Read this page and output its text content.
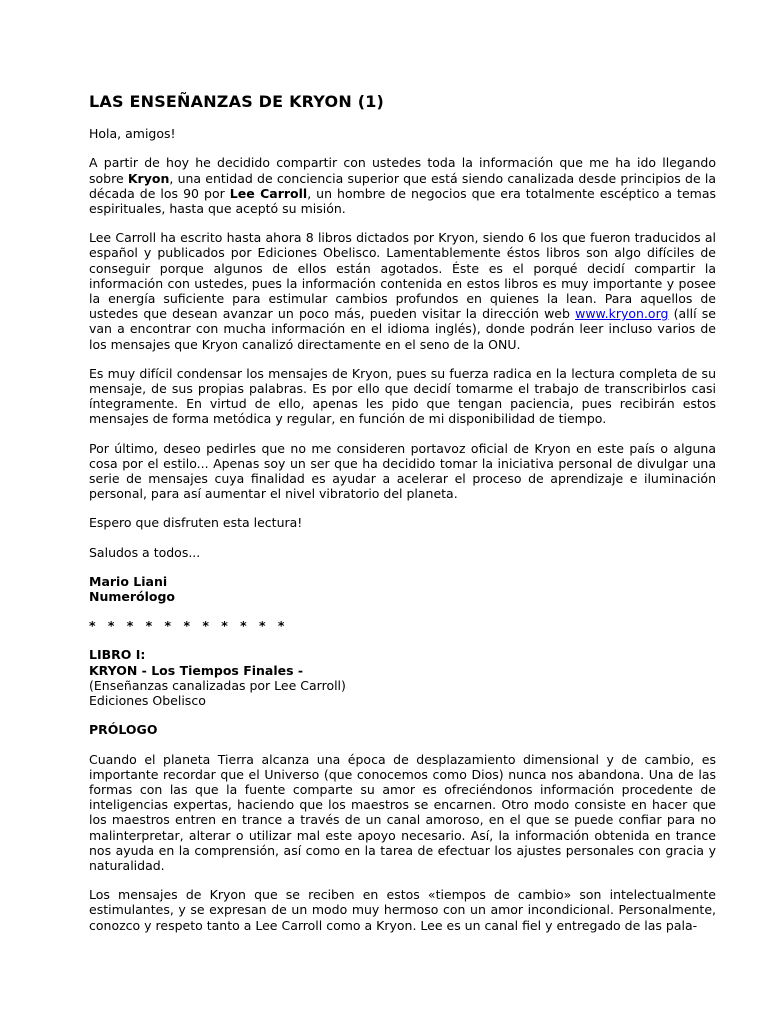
LAS ENSEÑANZAS DE KRYON (1)

Hola, amigos!

A partir de hoy he decidido compartir con ustedes toda la información que me ha ido llegando sobre Kryon, una entidad de conciencia superior que está siendo canalizada desde principios de la década de los 90 por Lee Carroll, un hombre de negocios que era totalmente escéptico a temas espirituales, hasta que aceptó su misión.

Lee Carroll ha escrito hasta ahora 8 libros dictados por Kryon, siendo 6 los que fueron traducidos al español y publicados por Ediciones Obelisco. Lamentablemente éstos libros son algo difíciles de conseguir porque algunos de ellos están agotados. Éste es el porqué decidí compartir la información con ustedes, pues la información contenida en estos libros es muy importante y posee la energía suficiente para estimular cambios profundos en quienes la lean. Para aquellos de ustedes que desean avanzar un poco más, pueden visitar la dirección web www.kryon.org (allí se van a encontrar con mucha información en el idioma inglés), donde podrán leer incluso varios de los mensajes que Kryon canalizó directamente en el seno de la ONU.

Es muy difícil condensar los mensajes de Kryon, pues su fuerza radica en la lectura completa de su mensaje, de sus propias palabras. Es por ello que decidí tomarme el trabajo de transcribirlos casi íntegramente. En virtud de ello, apenas les pido que tengan paciencia, pues recibirán estos mensajes de forma metódica y regular, en función de mi disponibilidad de tiempo.

Por último, deseo pedirles que no me consideren portavoz oficial de Kryon en este país o alguna cosa por el estilo... Apenas soy un ser que ha decidido tomar la iniciativa personal de divulgar una serie de mensajes cuya finalidad es ayudar a acelerar el proceso de aprendizaje e iluminación personal, para así aumentar el nivel vibratorio del planeta.

Espero que disfruten esta lectura!

Saludos a todos...

Mario Liani
Numerólogo
* * * * * * * * * * *
LIBRO I:
KRYON - Los Tiempos Finales -
(Enseñanzas canalizadas por Lee Carroll)
Ediciones Obelisco

PRÓLOGO

Cuando el planeta Tierra alcanza una época de desplazamiento dimensional y de cambio, es importante recordar que el Universo (que conocemos como Dios) nunca nos abandona. Una de las formas con las que la fuente comparte su amor es ofreciéndonos información procedente de inteligencias expertas, haciendo que los maestros se encarnen. Otro modo consiste en hacer que los maestros entren en trance a través de un canal amoroso, en el que se puede confiar para no malinterpretar, alterar o utilizar mal este apoyo necesario. Así, la información obtenida en trance nos ayuda en la comprensión, así como en la tarea de efectuar los ajustes personales con gracia y naturalidad.

Los mensajes de Kryon que se reciben en estos «tiempos de cambio» son intelectualmente estimulantes, y se expresan de un modo muy hermoso con un amor incondicional. Personalmente, conozco y respeto tanto a Lee Carroll como a Kryon. Lee es un canal fiel y entregado de las pala-
